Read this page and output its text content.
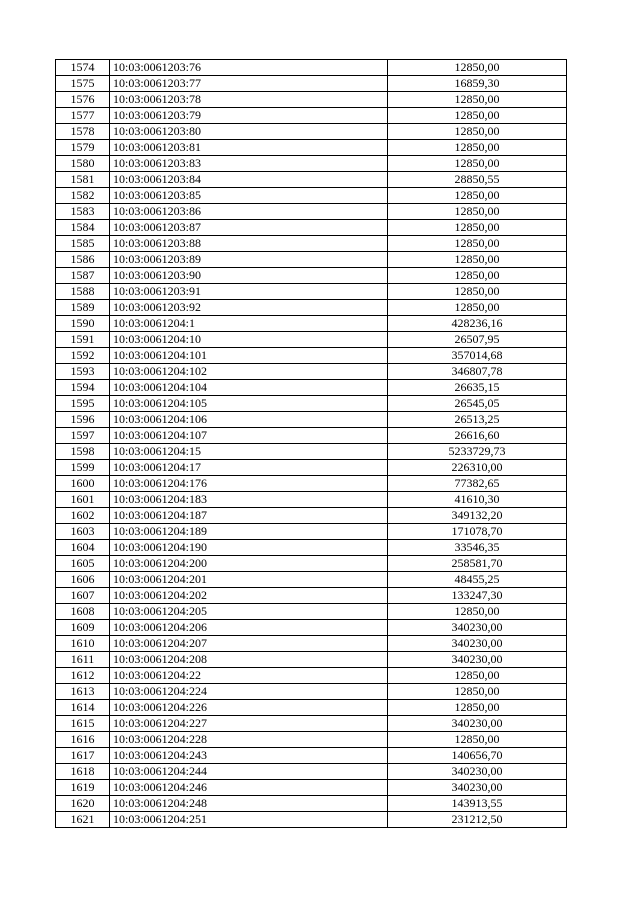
1574	10:03:0061203:76	12850,00
1575	10:03:0061203:77	16859,30
1576	10:03:0061203:78	12850,00
1577	10:03:0061203:79	12850,00
1578	10:03:0061203:80	12850,00
1579	10:03:0061203:81	12850,00
1580	10:03:0061203:83	12850,00
1581	10:03:0061203:84	28850,55
1582	10:03:0061203:85	12850,00
1583	10:03:0061203:86	12850,00
1584	10:03:0061203:87	12850,00
1585	10:03:0061203:88	12850,00
1586	10:03:0061203:89	12850,00
1587	10:03:0061203:90	12850,00
1588	10:03:0061203:91	12850,00
1589	10:03:0061203:92	12850,00
1590	10:03:0061204:1	428236,16
1591	10:03:0061204:10	26507,95
1592	10:03:0061204:101	357014,68
1593	10:03:0061204:102	346807,78
1594	10:03:0061204:104	26635,15
1595	10:03:0061204:105	26545,05
1596	10:03:0061204:106	26513,25
1597	10:03:0061204:107	26616,60
1598	10:03:0061204:15	5233729,73
1599	10:03:0061204:17	226310,00
1600	10:03:0061204:176	77382,65
1601	10:03:0061204:183	41610,30
1602	10:03:0061204:187	349132,20
1603	10:03:0061204:189	171078,70
1604	10:03:0061204:190	33546,35
1605	10:03:0061204:200	258581,70
1606	10:03:0061204:201	48455,25
1607	10:03:0061204:202	133247,30
1608	10:03:0061204:205	12850,00
1609	10:03:0061204:206	340230,00
1610	10:03:0061204:207	340230,00
1611	10:03:0061204:208	340230,00
1612	10:03:0061204:22	12850,00
1613	10:03:0061204:224	12850,00
1614	10:03:0061204:226	12850,00
1615	10:03:0061204:227	340230,00
1616	10:03:0061204:228	12850,00
1617	10:03:0061204:243	140656,70
1618	10:03:0061204:244	340230,00
1619	10:03:0061204:246	340230,00
1620	10:03:0061204:248	143913,55
1621	10:03:0061204:251	231212,50
